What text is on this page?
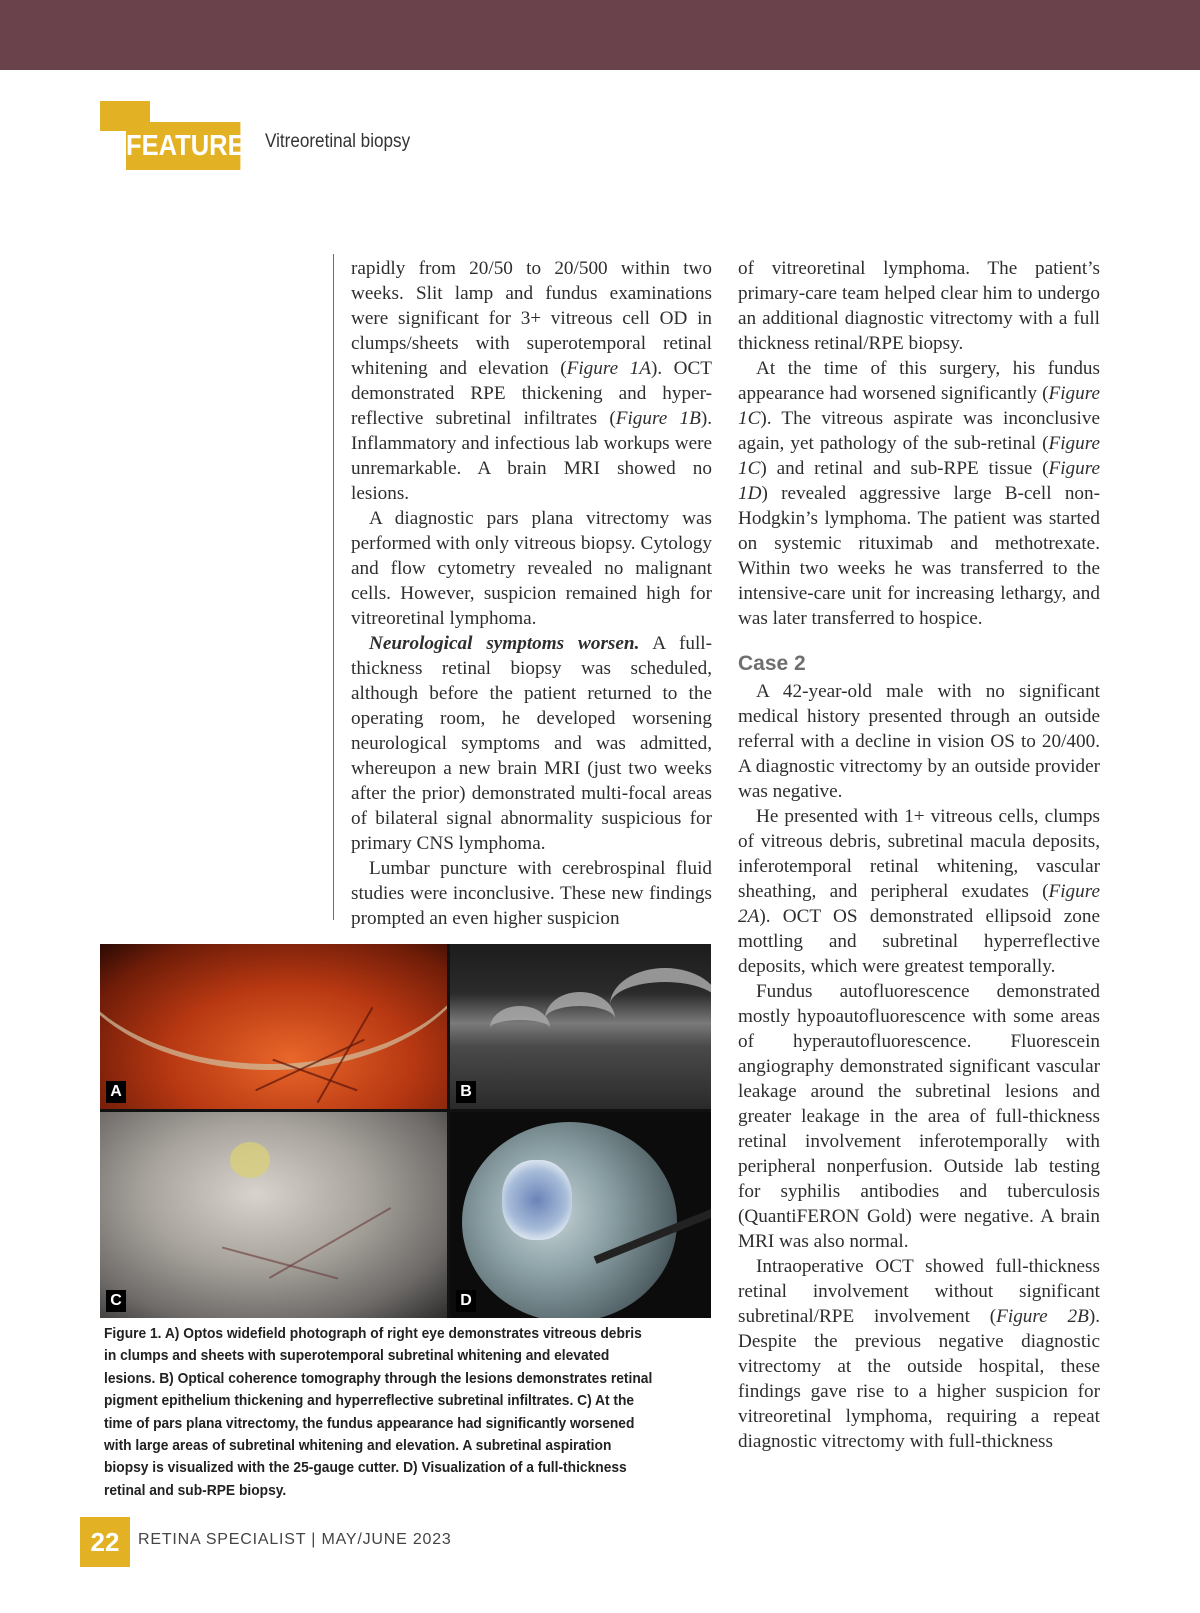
FEATURE Vitreoretinal biopsy

rapidly from 20/50 to 20/500 within two weeks. Slit lamp and fundus examinations were significant for 3+ vitreous cell OD in clumps/sheets with superotemporal retinal whitening and elevation (Figure 1A). OCT demonstrated RPE thickening and hyper-reflective subretinal infiltrates (Figure 1B). Inflammatory and infectious lab workups were unremarkable. A brain MRI showed no lesions.

A diagnostic pars plana vitrectomy was performed with only vitreous biopsy. Cytology and flow cytometry revealed no malignant cells. However, suspicion remained high for vitreoretinal lymphoma.

Neurological symptoms worsen. A full-thickness retinal biopsy was scheduled, although before the patient returned to the operating room, he developed worsening neurological symptoms and was admitted, whereupon a new brain MRI (just two weeks after the prior) demonstrated multi-focal areas of bilateral signal abnormality suspicious for primary CNS lymphoma.

Lumbar puncture with cerebrospinal fluid studies were inconclusive. These new findings prompted an even higher suspicion

of vitreoretinal lymphoma. The patient’s primary-care team helped clear him to undergo an additional diagnostic vitrectomy with a full thickness retinal/RPE biopsy.

At the time of this surgery, his fundus appearance had worsened significantly (Figure 1C). The vitreous aspirate was inconclusive again, yet pathology of the sub-retinal (Figure 1C) and retinal and sub-RPE tissue (Figure 1D) revealed aggressive large B-cell non-Hodgkin’s lymphoma. The patient was started on systemic rituximab and methotrexate. Within two weeks he was transferred to the intensive-care unit for increasing lethargy, and was later transferred to hospice.

Case 2

A 42-year-old male with no significant medical history presented through an outside referral with a decline in vision OS to 20/400. A diagnostic vitrectomy by an outside provider was negative.

He presented with 1+ vitreous cells, clumps of vitreous debris, subretinal macula deposits, inferotemporal retinal whitening, vascular sheathing, and peripheral exudates (Figure 2A). OCT OS demonstrated ellipsoid zone mottling and subretinal hyperreflective deposits, which were greatest temporally.

Fundus autofluorescence demonstrated mostly hypoautofluorescence with some areas of hyperautofluorescence. Fluorescein angiography demonstrated significant vascular leakage around the subretinal lesions and greater leakage in the area of full-thickness retinal involvement inferotemporally with peripheral nonperfusion. Outside lab testing for syphilis antibodies and tuberculosis (QuantiFERON Gold) were negative. A brain MRI was also normal.

Intraoperative OCT showed full-thickness retinal involvement without significant subretinal/RPE involvement (Figure 2B). Despite the previous negative diagnostic vitrectomy at the outside hospital, these findings gave rise to a higher suspicion for vitreoretinal lymphoma, requiring a repeat diagnostic vitrectomy with full-thickness

A	B
C	D
Figure 1. A) Optos widefield photograph of right eye demonstrates vitreous debris in clumps and sheets with superotemporal subretinal whitening and elevated lesions. B) Optical coherence tomography through the lesions demonstrates retinal pigment epithelium thickening and hyperreflective subretinal infiltrates. C) At the time of pars plana vitrectomy, the fundus appearance had significantly worsened with large areas of subretinal whitening and elevation. A subretinal aspiration biopsy is visualized with the 25-gauge cutter. D) Visualization of a full-thickness retinal and sub-RPE biopsy.
22	RETINA SPECIALIST | MAY/JUNE 2023
